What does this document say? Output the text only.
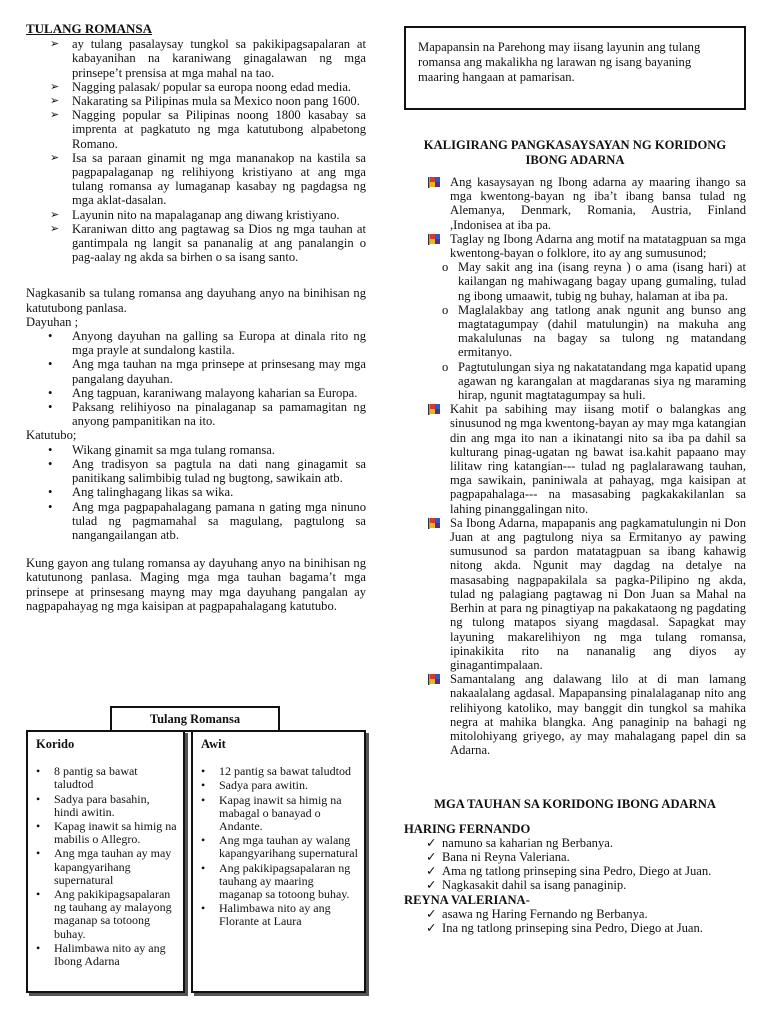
TULANG ROMANSA
➢ ay tulang pasalaysay tungkol sa pakikipagsapalaran at kabayanihan na karaniwang ginagalawan ng mga prinsepe’t prensisa at mga mahal na tao.
➢ Nagging palasak/ popular sa europa noong edad media.
➢ Nakarating sa Pilipinas mula sa Mexico noon pang 1600.
➢ Nagging popular sa Pilipinas noong 1800 kasabay sa imprenta at pagkatuto ng mga katutubong alpabetong Romano.
➢ Isa sa paraan ginamit ng mga mananakop na kastila sa pagpapalaganap ng relihiyong kristiyano at ang mga tulang romansa ay lumaganap kasabay ng pagdagsa ng mga aklat-dasalan.
➢ Layunin nito na mapalaganap ang diwang kristiyano.
➢ Karaniwan ditto ang pagtawag sa Dios ng mga tauhan at gantimpala ng langit sa pananalig at ang panalangin o pag-aalay ng akda sa birhen o sa isang santo.

Nagkasanib sa tulang romansa ang dayuhang anyo na binihisan ng katutubong panlasa.

Dayuhan ;
• Anyong dayuhan na galling sa Europa at dinala rito ng mga prayle at sundalong kastila.
• Ang mga tauhan na mga prinsepe at prinsesang may mga pangalang dayuhan.
• Ang tagpuan, karaniwang malayong kaharian sa Europa.
• Paksang relihiyoso na pinalaganap sa pamamagitan ng anyong pampanitikan na ito.
Katutubo;
• Wikang ginamit sa mga tulang romansa.
• Ang tradisyon sa pagtula na dati nang ginagamit sa panitikang salimbibig tulad ng bugtong, sawikain atb.
• Ang talinghagang likas sa wika.
• Ang mga pagpapahalagang pamana n gating mga ninuno tulad ng pagmamahal sa magulang, pagtulong sa nangangailangan atb.

Kung gayon ang tulang romansa ay dayuhang anyo na binihisan ng katutunong panlasa. Maging mga mga tauhan bagama’t mga prinsepe at prinsesang mayng may mga dayuhang pangalan ay nagpapahayag ng mga kaisipan at pagpapahalagang katutubo.

Tulang Romansa
Korido
• 8 pantig sa bawat taludtod
• Sadya para basahin, hindi awitin.
• Kapag inawit sa himig na mabilis o Allegro.
• Ang mga tauhan ay may kapangyarihang supernatural
• Ang pakikipagsapalaran ng tauhang ay malayong maganap sa totoong buhay.
• Halimbawa nito ay ang Ibong Adarna
Awit
• 12 pantig sa bawat taludtod
• Sadya para awitin.
• Kapag inawit sa himig na mabagal o banayad o Andante.
• Ang mga tauhan ay walang kapangyarihang supernatural
• Ang pakikipagsapalaran ng tauhang ay maaring maganap sa totoong buhay.
• Halimbawa nito ay ang Florante at Laura
Mapapansin na Parehong may iisang layunin ang tulang romansa ang makalikha ng larawan ng isang bayaning maaring hangaan at pamarisan.
KALIGIRANG PANGKASAYSAYAN NG KORIDONG IBONG ADARNA
Ang kasaysayan ng Ibong adarna ay maaring ihango sa mga kwentong-bayan ng iba’t ibang bansa tulad ng Alemanya, Denmark, Romania, Austria, Finland ,Indonisea at iba pa.
Taglay ng Ibong Adarna ang motif na matatagpuan sa mga kwentong-bayan o folklore, ito ay ang sumusunod;
o May sakit ang ina (isang reyna ) o ama (isang hari) at kailangan ng mahiwagang bagay upang gumaling, tulad ng ibong umaawit, tubig ng buhay, halaman at iba pa.
o Maglalakbay ang tatlong anak ngunit ang bunso ang magtatagumpay (dahil matulungin) na makuha ang makalulunas na bagay sa tulong ng matandang ermitanyo.
o Pagtutulungan siya ng nakatatandang mga kapatid upang agawan ng karangalan at magdaranas siya ng maraming hirap, ngunit magtatagumpay sa huli.
Kahit pa sabihing may iisang motif o balangkas ang sinusunod ng mga kwentong-bayan ay may mga katangian din ang mga ito nan a ikinatangi nito sa iba pa dahil sa kulturang pinag-ugatan ng bawat isa.kahit papaano may lilitaw ring katangian--- tulad ng paglalarawang tauhan, mga sawikain, paniniwala at pahayag, mga kaisipan at pagpapahalaga--- na masasabing pagkakakilanlan sa lahing pinanggalingan nito.
Sa Ibong Adarna, mapapanis ang pagkamatulungin ni Don Juan at ang pagtulong niya sa Ermitanyo ay pawing sumusunod sa pardon matatagpuan sa ibang kahawig nitong akda. Ngunit may dagdag na detalye na masasabing nagpapakilala sa pagka-Pilipino ng akda, tulad ng palagiang pagtawag ni Don Juan sa Mahal na Berhin at para ng pinagtiyap na pakakataong ng pagdating ng tulong matapos siyang magdasal. Sapagkat may layuning makarelihiyon ng mga tulang romansa, ipinakikita rito na nananalig ang diyos ay ginagantimpalaan.
Samantalang ang dalawang lilo at di man lamang nakaalalang agdasal. Mapapansing pinalalaganap nito ang relihiyong katoliko, may banggit din tungkol sa mahika negra at mahika blangka. Ang panaginip na bahagi ng mitolohiyang griyego, ay may mahalagang papel din sa Adarna.
MGA TAUHAN SA KORIDONG IBONG ADARNA
HARING FERNANDO
✓ namuno sa kaharian ng Berbanya.
✓ Bana ni Reyna Valeriana.
✓ Ama ng tatlong prinseping sina Pedro, Diego at Juan.
✓ Nagkasakit dahil sa isang panaginip.
REYNA VALERIANA-
✓ asawa ng Haring Fernando ng Berbanya.
✓ Ina ng tatlong prinseping sina Pedro, Diego at Juan.
